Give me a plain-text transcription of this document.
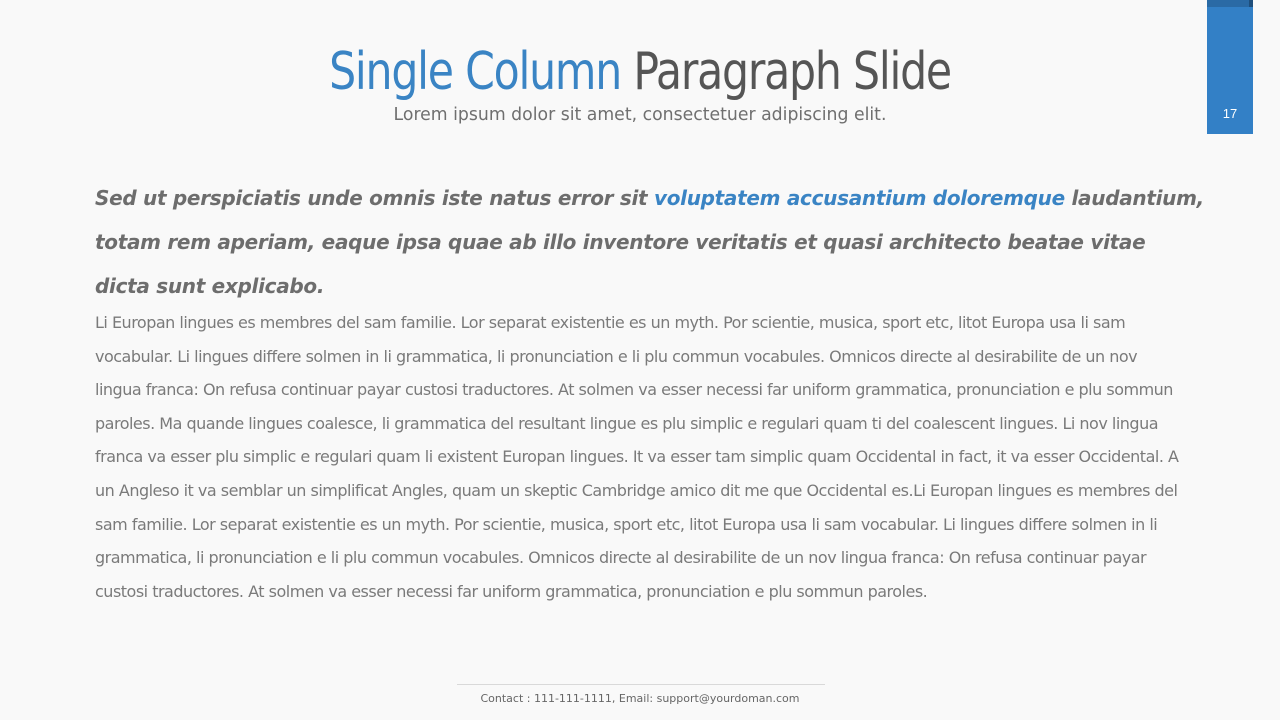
Single Column Paragraph Slide
Lorem ipsum dolor sit amet, consectetuer adipiscing elit.	17
Sed ut perspiciatis unde omnis iste natus error sit voluptatem accusantium doloremque laudantium, totam rem aperiam, eaque ipsa quae ab illo inventore veritatis et quasi architecto beatae vitae dicta sunt explicabo.
Li Europan lingues es membres del sam familie. Lor separat existentie es un myth. Por scientie, musica, sport etc, litot Europa usa li sam vocabular. Li lingues differe solmen in li grammatica, li pronunciation e li plu commun vocabules. Omnicos directe al desirabilite de un nov lingua franca: On refusa continuar payar custosi traductores. At solmen va esser necessi far uniform grammatica, pronunciation e plu sommun paroles. Ma quande lingues coalesce, li grammatica del resultant lingue es plu simplic e regulari quam ti del coalescent lingues. Li nov lingua franca va esser plu simplic e regulari quam li existent Europan lingues. It va esser tam simplic quam Occidental in fact, it va esser Occidental. A un Angleso it va semblar un simplificat Angles, quam un skeptic Cambridge amico dit me que Occidental es.Li Europan lingues es membres del sam familie. Lor separat existentie es un myth. Por scientie, musica, sport etc, litot Europa usa li sam vocabular. Li lingues differe solmen in li grammatica, li pronunciation e li plu commun vocabules. Omnicos directe al desirabilite de un nov lingua franca: On refusa continuar payar custosi traductores. At solmen va esser necessi far uniform grammatica, pronunciation e plu sommun paroles.
Contact : 111-111-1111, Email: support@yourdoman.com
